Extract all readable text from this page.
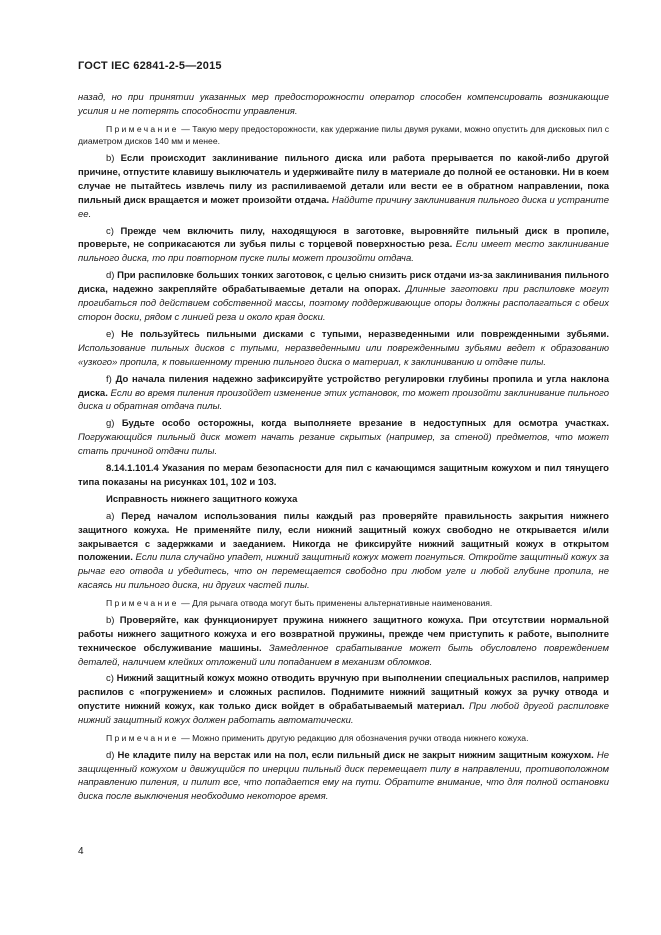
ГОСТ IEC 62841-2-5—2015

назад, но при принятии указанных мер предосторожности оператор способен компенсировать возникающие усилия и не потерять способности управления.

Примечание — Такую меру предосторожности, как удержание пилы двумя руками, можно опустить для дисковых пил с диаметром дисков 140 мм и менее.

b) Если происходит заклинивание пильного диска или работа прерывается по какой-либо другой причине, отпустите клавишу выключатель и удерживайте пилу в материале до полной ее остановки. Ни в коем случае не пытайтесь извлечь пилу из распиливаемой детали или вести ее в обратном направлении, пока пильный диск вращается и может произойти отдача. Найдите причину заклинивания пильного диска и устраните ее.

c) Прежде чем включить пилу, находящуюся в заготовке, выровняйте пильный диск в пропиле, проверьте, не соприкасаются ли зубья пилы с торцевой поверхностью реза. Если имеет место заклинивание пильного диска, то при повторном пуске пилы может произойти отдача.

d) При распиловке больших тонких заготовок, с целью снизить риск отдачи из-за заклинивания пильного диска, надежно закрепляйте обрабатываемые детали на опорах. Длинные заготовки при распиловке могут прогибаться под действием собственной массы, поэтому поддерживающие опоры должны располагаться с обеих сторон доски, рядом с линией реза и около края доски.

e) Не пользуйтесь пильными дисками с тупыми, неразведенными или поврежденными зубьями. Использование пильных дисков с тупыми, неразведенными или поврежденными зубьями ведет к образованию «узкого» пропила, к повышенному трению пильного диска о материал, к заклиниванию и отдаче пилы.

f) До начала пиления надежно зафиксируйте устройство регулировки глубины пропила и угла наклона диска. Если во время пиления произойдет изменение этих установок, то может произойти заклинивание пильного диска и обратная отдача пилы.

g) Будьте особо осторожны, когда выполняете врезание в недоступных для осмотра участках. Погружающийся пильный диск может начать резание скрытых (например, за стеной) предметов, что может стать причиной отдачи пилы.

8.14.1.101.4 Указания по мерам безопасности для пил с качающимся защитным кожухом и пил тянущего типа показаны на рисунках 101, 102 и 103.

Исправность нижнего защитного кожуха

a) Перед началом использования пилы каждый раз проверяйте правильность закрытия нижнего защитного кожуха. Не применяйте пилу, если нижний защитный кожух свободно не открывается и/или закрывается с задержками и заеданием. Никогда не фиксируйте нижний защитный кожух в открытом положении. Если пила случайно упадет, нижний защитный кожух может погнуться. Откройте защитный кожух за рычаг его отвода и убедитесь, что он перемещается свободно при любом угле и любой глубине пропила, не касаясь ни пильного диска, ни других частей пилы.

Примечание — Для рычага отвода могут быть применены альтернативные наименования.

b) Проверяйте, как функционирует пружина нижнего защитного кожуха. При отсутствии нормальной работы нижнего защитного кожуха и его возвратной пружины, прежде чем приступить к работе, выполните техническое обслуживание машины. Замедленное срабатывание может быть обусловлено повреждением деталей, наличием клейких отложений или попаданием в механизм обломков.

c) Нижний защитный кожух можно отводить вручную при выполнении специальных распилов, например распилов с «погружением» и сложных распилов. Поднимите нижний защитный кожух за ручку отвода и опустите нижний кожух, как только диск войдет в обрабатываемый материал. При любой другой распиловке нижний защитный кожух должен работать автоматически.

Примечание — Можно применить другую редакцию для обозначения ручки отвода нижнего кожуха.

d) Не кладите пилу на верстак или на пол, если пильный диск не закрыт нижним защитным кожухом. Не защищенный кожухом и движущийся по инерции пильный диск перемещает пилу в направлении, противоположном направлению пиления, и пилит все, что попадается ему на пути. Обратите внимание, что для полной остановки диска после выключения необходимо некоторое время.

4
